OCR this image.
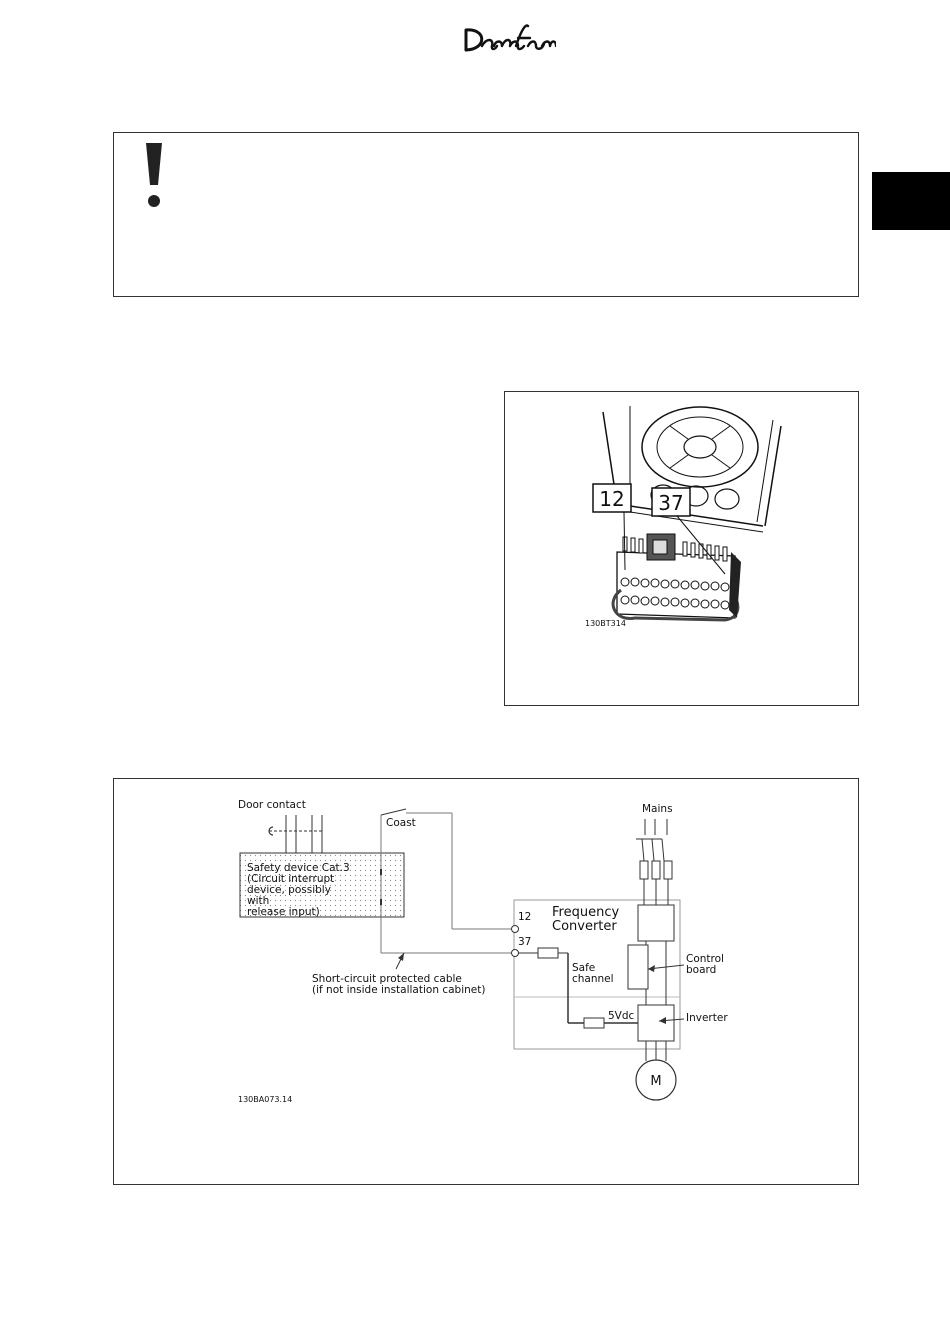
12 37
130BT314
Door contact
Safety device Cat.3 (Circuit interrupt device, possibly with release input)
Coast
Frequency Converter
12
37
Safe channel
5Vdc
Mains
Control board
Inverter
M
Short-circuit protected cable (if not inside installation cabinet)
130BA073.14
